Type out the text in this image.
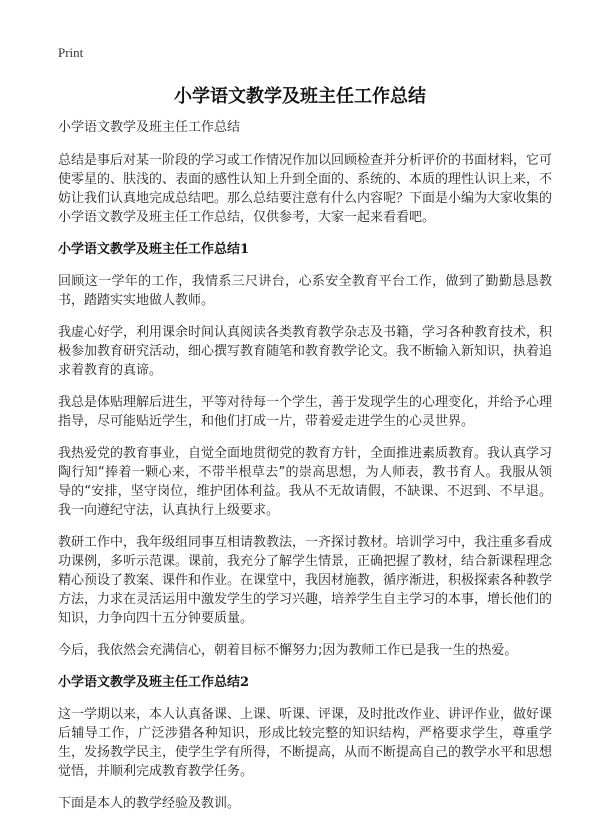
Print
小学语文教学及班主任工作总结

小学语文教学及班主任工作总结

总结是事后对某一阶段的学习或工作情况作加以回顾检查并分析评价的书面材料，它可使零星的、肤浅的、表面的感性认知上升到全面的、系统的、本质的理性认识上来，不妨让我们认真地完成总结吧。那么总结要注意有什么内容呢？下面是小编为大家收集的小学语文教学及班主任工作总结，仅供参考，大家一起来看看吧。

小学语文教学及班主任工作总结1

回顾这一学年的工作，我情系三尺讲台，心系安全教育平台工作，做到了勤勤恳恳教书，踏踏实实地做人教师。

我虚心好学，利用课余时间认真阅读各类教育教学杂志及书籍，学习各种教育技术，积极参加教育研究活动，细心撰写教育随笔和教育教学论文。我不断输入新知识，执着追求着教育的真谛。

我总是体贴理解后进生，平等对待每一个学生，善于发现学生的心理变化，并给予心理指导，尽可能贴近学生，和他们打成一片，带着爱走进学生的心灵世界。

我热爱党的教育事业，自觉全面地贯彻党的教育方针，全面推进素质教育。我认真学习陶行知“捧着一颗心来，不带半根草去”的崇高思想，为人师表，教书育人。我服从领导的“安排，坚守岗位，维护团体利益。我从不无故请假，不缺课、不迟到、不早退。我一向遵纪守法，认真执行上级要求。

教研工作中，我年级组同事互相请教教法，一齐探讨教材。培训学习中，我注重多看成功课例，多听示范课。课前，我充分了解学生情景，正确把握了教材，结合新课程理念精心预设了教案、课件和作业。在课堂中，我因材施教，循序渐进，积极探索各种教学方法，力求在灵活运用中激发学生的学习兴趣，培养学生自主学习的本事，增长他们的知识，力争向四十五分钟要质量。

今后，我依然会充满信心，朝着目标不懈努力;因为教师工作已是我一生的热爱。

小学语文教学及班主任工作总结2

这一学期以来，本人认真备课、上课、听课、评课，及时批改作业、讲评作业，做好课后辅导工作，广泛涉猎各种知识，形成比较完整的知识结构，严格要求学生，尊重学生，发扬教学民主，使学生学有所得，不断提高，从而不断提高自己的教学水平和思想觉悟，并顺利完成教育教学任务。

下面是本人的教学经验及教训。
